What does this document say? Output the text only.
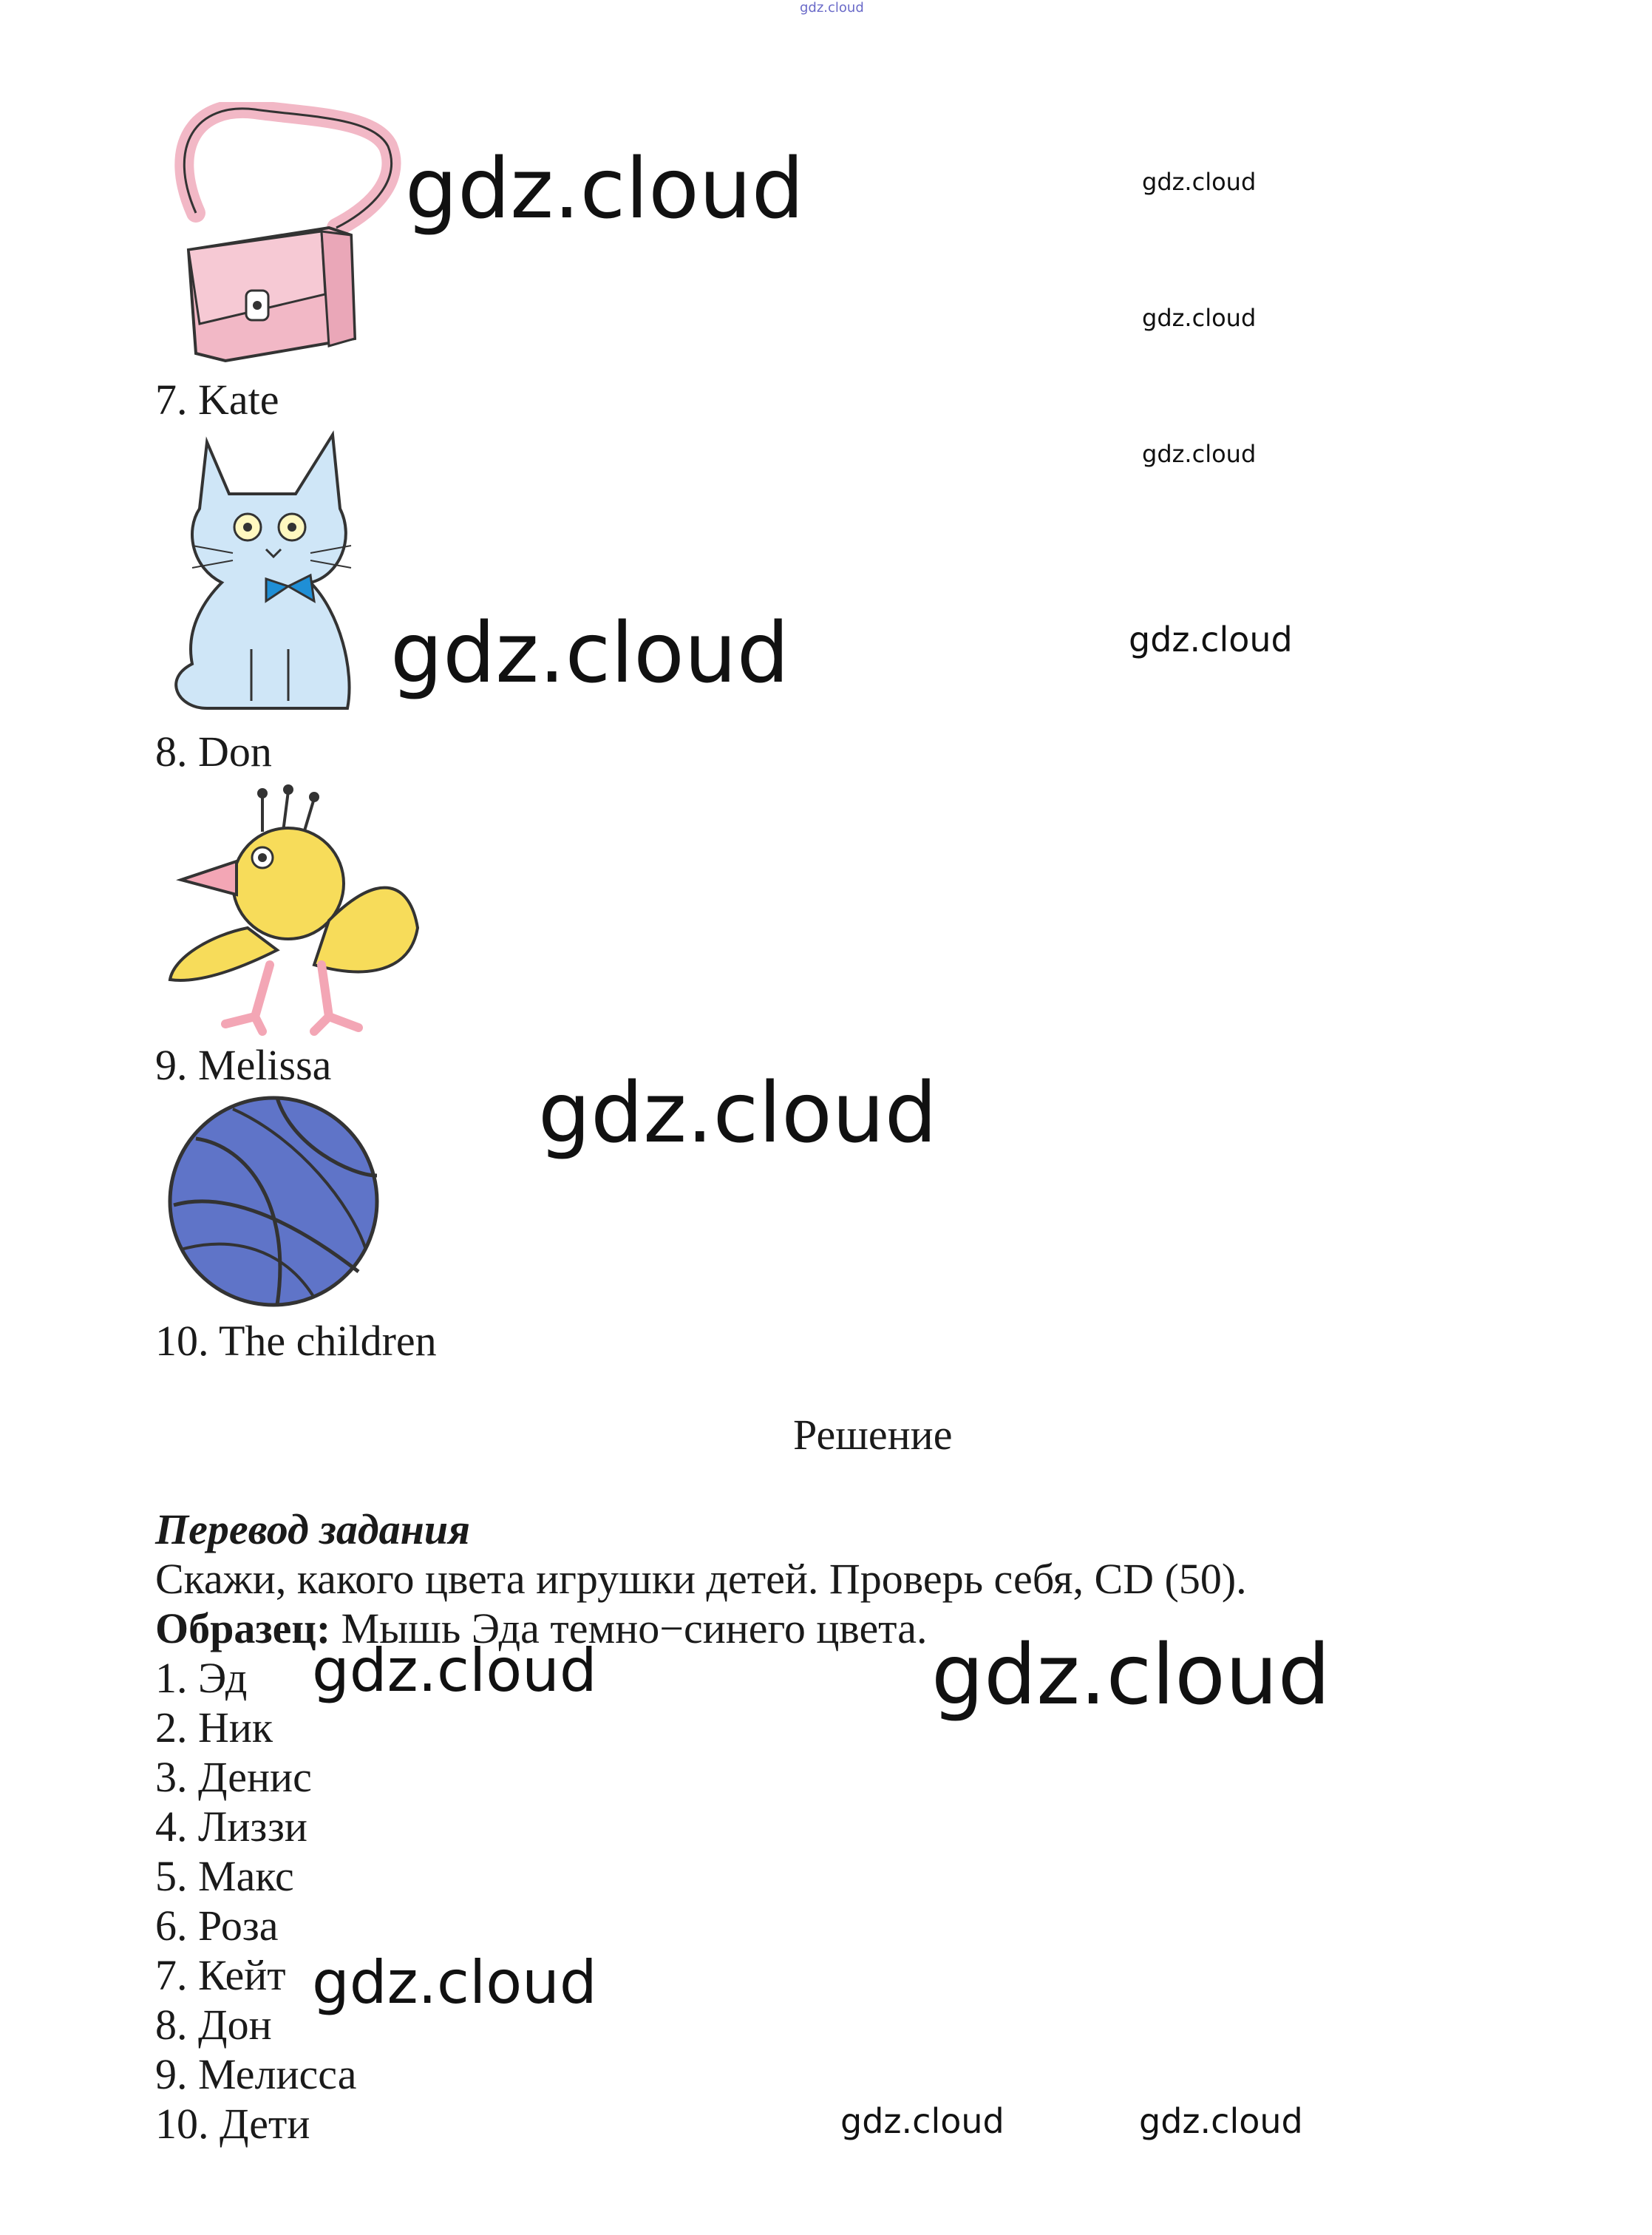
gdz.cloud
gdz.cloud	gdz.cloud
gdz.cloud
7. Kate
gdz.cloud
gdz.cloud	gdz.cloud
8. Don
9. Melissa
gdz.cloud
10. The children
Решение
Перевод задания
Скажи, какого цвета игрушки детей. Проверь себя, CD (50).
Образец: Мышь Эда темно−синего цвета.
1. Эд
2. Ник
3. Денис
4. Лиззи
5. Макс
6. Роза
7. Кейт
8. Дон
9. Мелисса
10. Дети
gdz.cloud	gdz.cloud
gdz.cloud
gdz.cloud	gdz.cloud
